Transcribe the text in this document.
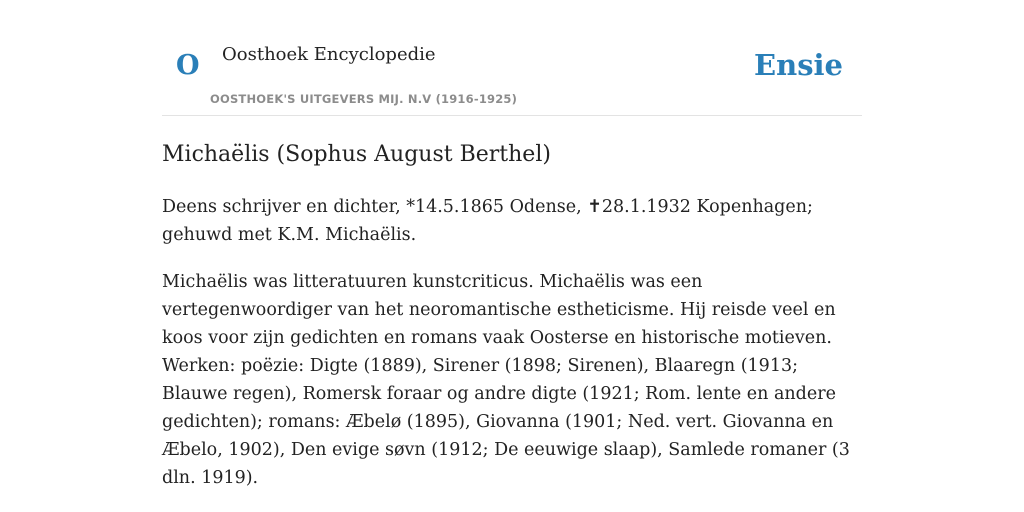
O Oosthoek Encyclopedie
OOSTHOEK'S UITGEVERS MIJ. N.V (1916-1925)
Ensie
Michaëlis (Sophus August Berthel)

Deens schrijver en dichter, *14.5.1865 Odense, ✝28.1.1932 Kopenhagen; gehuwd met K.M. Michaëlis.

Michaëlis was litteratuuren kunstcriticus. Michaëlis was een vertegenwoordiger van het neoromantische estheticisme. Hij reisde veel en koos voor zijn gedichten en romans vaak Oosterse en historische motieven. Werken: poëzie: Digte (1889), Sirener (1898; Sirenen), Blaaregn (1913; Blauwe regen), Romersk foraar og andre digte (1921; Rom. lente en andere gedichten); romans: Æbelø (1895), Giovanna (1901; Ned. vert. Giovanna en Æbelo, 1902), Den evige søvn (1912; De eeuwige slaap), Samlede romaner (3 dln. 1919).
